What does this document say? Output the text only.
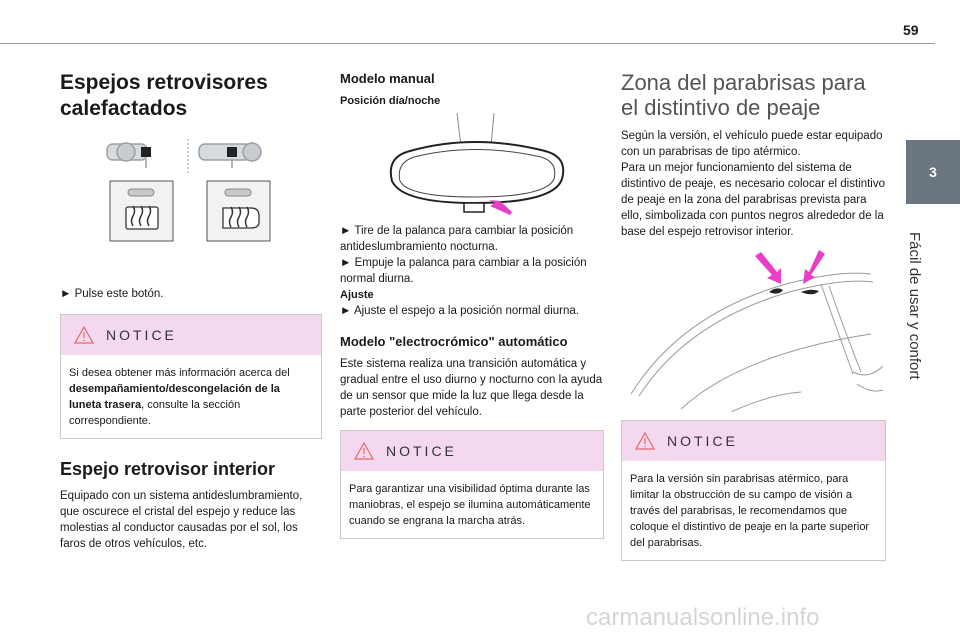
59
3
Fácil de usar y confort
Espejos retrovisores calefactados

► Pulse este botón.

NOTICE
Si desea obtener más información acerca del desempañamiento/descongelación de la luneta trasera, consulte la sección correspondiente.
Espejo retrovisor interior

Equipado con un sistema antideslumbramiento, que oscurece el cristal del espejo y reduce las molestias al conductor causadas por el sol, los faros de otros vehículos, etc.

Modelo manual

Posición día/noche

► Tire de la palanca para cambiar la posición antideslumbramiento nocturna.

► Empuje la palanca para cambiar a la posición normal diurna.

Ajuste

► Ajuste el espejo a la posición normal diurna.

Modelo "electrocrómico" automático

Este sistema realiza una transición automática y gradual entre el uso diurno y nocturno con la ayuda de un sensor que mide la luz que llega desde la parte posterior del vehículo.

NOTICE
Para garantizar una visibilidad óptima durante las maniobras, el espejo se ilumina automáticamente cuando se engrana la marcha atrás.
Zona del parabrisas para el distintivo de peaje

Según la versión, el vehículo puede estar equipado con un parabrisas de tipo atérmico.
Para un mejor funcionamiento del sistema de distintivo de peaje, es necesario colocar el distintivo de peaje en la zona del parabrisas prevista para ello, simbolizada con puntos negros alrededor de la base del espejo retrovisor interior.

NOTICE
Para la versión sin parabrisas atérmico, para limitar la obstrucción de su campo de visión a través del parabrisas, le recomendamos que coloque el distintivo de peaje en la parte superior del parabrisas.
carmanualsonline.info
